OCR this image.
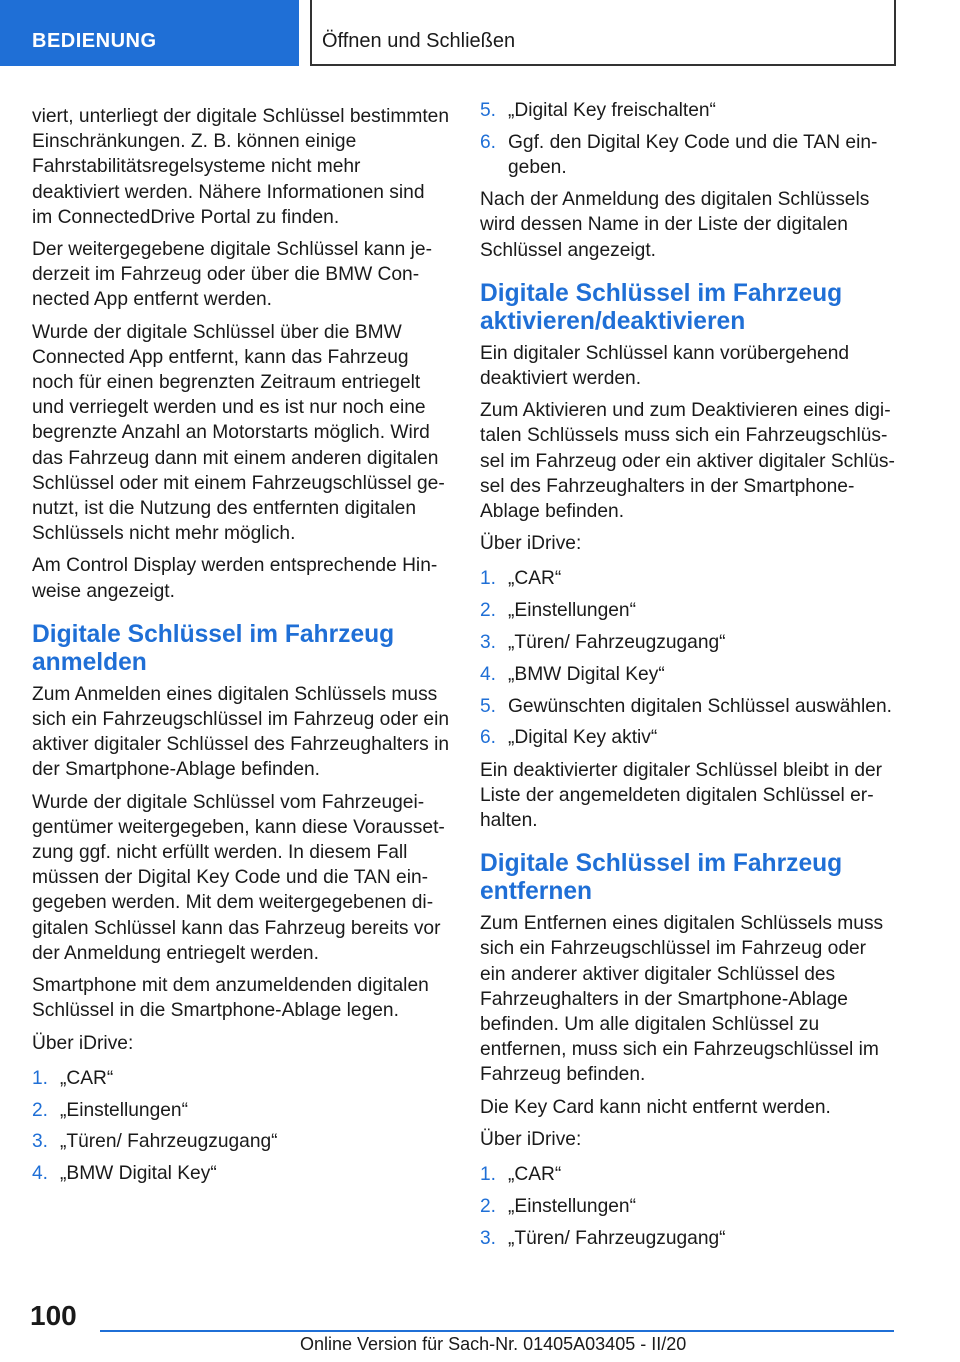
BEDIENUNG	Öffnen und Schließen

viert, unterliegt der digitale Schlüssel bestimmten Einschränkungen. Z. B. können einige Fahrstabilitätsregelsysteme nicht mehr deaktiviert werden. Nähere Informationen sind im ConnectedDrive Portal zu finden.

Der weitergegebene digitale Schlüssel kann jederzeit im Fahrzeug oder über die BMW Connected App entfernt werden.

Wurde der digitale Schlüssel über die BMW Connected App entfernt, kann das Fahrzeug noch für einen begrenzten Zeitraum entriegelt und verriegelt werden und es ist nur noch eine begrenzte Anzahl an Motorstarts möglich. Wird das Fahrzeug dann mit einem anderen digitalen Schlüssel oder mit einem Fahrzeugschlüssel genutzt, ist die Nutzung des entfernten digitalen Schlüssels nicht mehr möglich.

Am Control Display werden entsprechende Hinweise angezeigt.

Digitale Schlüssel im Fahrzeug anmelden

Zum Anmelden eines digitalen Schlüssels muss sich ein Fahrzeugschlüssel im Fahrzeug oder ein aktiver digitaler Schlüssel des Fahrzeughalters in der Smartphone-Ablage befinden.

Wurde der digitale Schlüssel vom Fahrzeugeigentümer weitergegeben, kann diese Voraussetzung ggf. nicht erfüllt werden. In diesem Fall müssen der Digital Key Code und die TAN eingegeben werden. Mit dem weitergegebenen digitalen Schlüssel kann das Fahrzeug bereits vor der Anmeldung entriegelt werden.

Smartphone mit dem anzumeldenden digitalen Schlüssel in die Smartphone-Ablage legen.

Über iDrive:

1. „CAR“
2. „Einstellungen“
3. „Türen/ Fahrzeugzugang“
4. „BMW Digital Key“
5. „Digital Key freischalten“
6. Ggf. den Digital Key Code und die TAN eingeben.

Nach der Anmeldung des digitalen Schlüssels wird dessen Name in der Liste der digitalen Schlüssel angezeigt.

Digitale Schlüssel im Fahrzeug aktivieren/deaktivieren

Ein digitaler Schlüssel kann vorübergehend deaktiviert werden.

Zum Aktivieren und zum Deaktivieren eines digitalen Schlüssels muss sich ein Fahrzeugschlüssel im Fahrzeug oder ein aktiver digitaler Schlüssel des Fahrzeughalters in der Smartphone-Ablage befinden.

Über iDrive:

1. „CAR“
2. „Einstellungen“
3. „Türen/ Fahrzeugzugang“
4. „BMW Digital Key“
5. Gewünschten digitalen Schlüssel auswählen.
6. „Digital Key aktiv“

Ein deaktivierter digitaler Schlüssel bleibt in der Liste der angemeldeten digitalen Schlüssel erhalten.

Digitale Schlüssel im Fahrzeug entfernen

Zum Entfernen eines digitalen Schlüssels muss sich ein Fahrzeugschlüssel im Fahrzeug oder ein anderer aktiver digitaler Schlüssel des Fahrzeughalters in der Smartphone-Ablage befinden. Um alle digitalen Schlüssel zu entfernen, muss sich ein Fahrzeugschlüssel im Fahrzeug befinden.

Die Key Card kann nicht entfernt werden.

Über iDrive:

1. „CAR“
2. „Einstellungen“
3. „Türen/ Fahrzeugzugang“
100
Online Version für Sach-Nr. 01405A03405 - II/20
